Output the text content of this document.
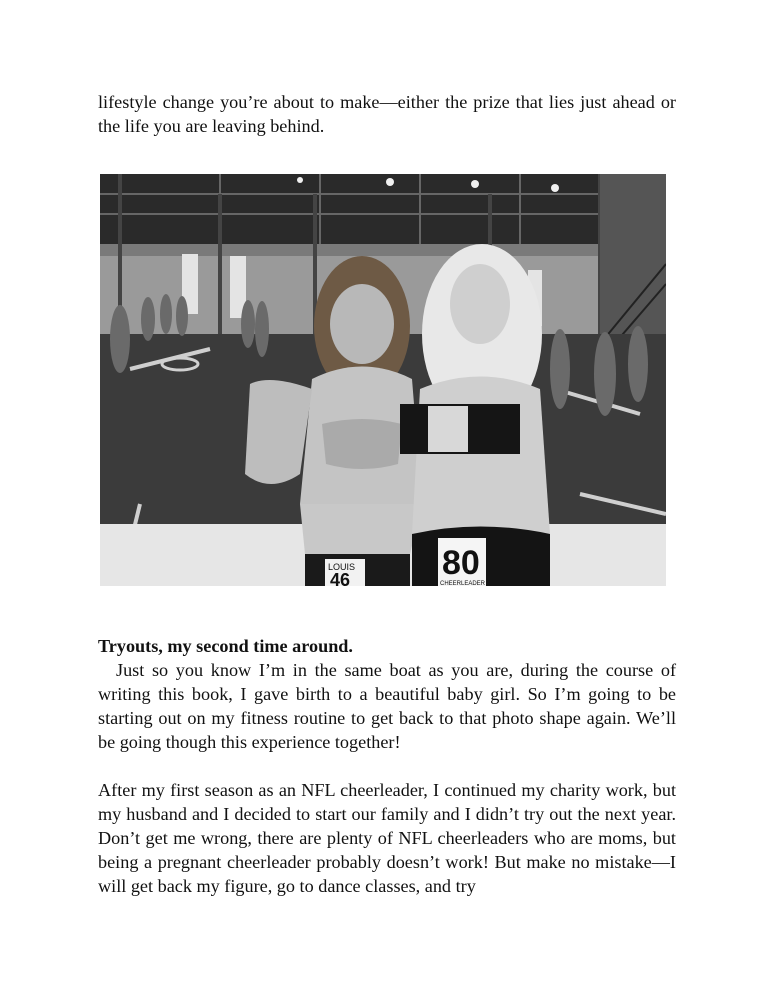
lifestyle change you’re about to make—either the prize that lies just ahead or the life you are leaving behind.

LOUIS
46	80
CHEERLEADER
Tryouts, my second time around.

Just so you know I’m in the same boat as you are, during the course of writing this book, I gave birth to a beautiful baby girl. So I’m going to be starting out on my fitness routine to get back to that photo shape again. We’ll be going though this experience together!

After my first season as an NFL cheerleader, I continued my charity work, but my husband and I decided to start our family and I didn’t try out the next year. Don’t get me wrong, there are plenty of NFL cheerleaders who are moms, but being a pregnant cheerleader probably doesn’t work! But make no mistake—I will get back my figure, go to dance classes, and try
